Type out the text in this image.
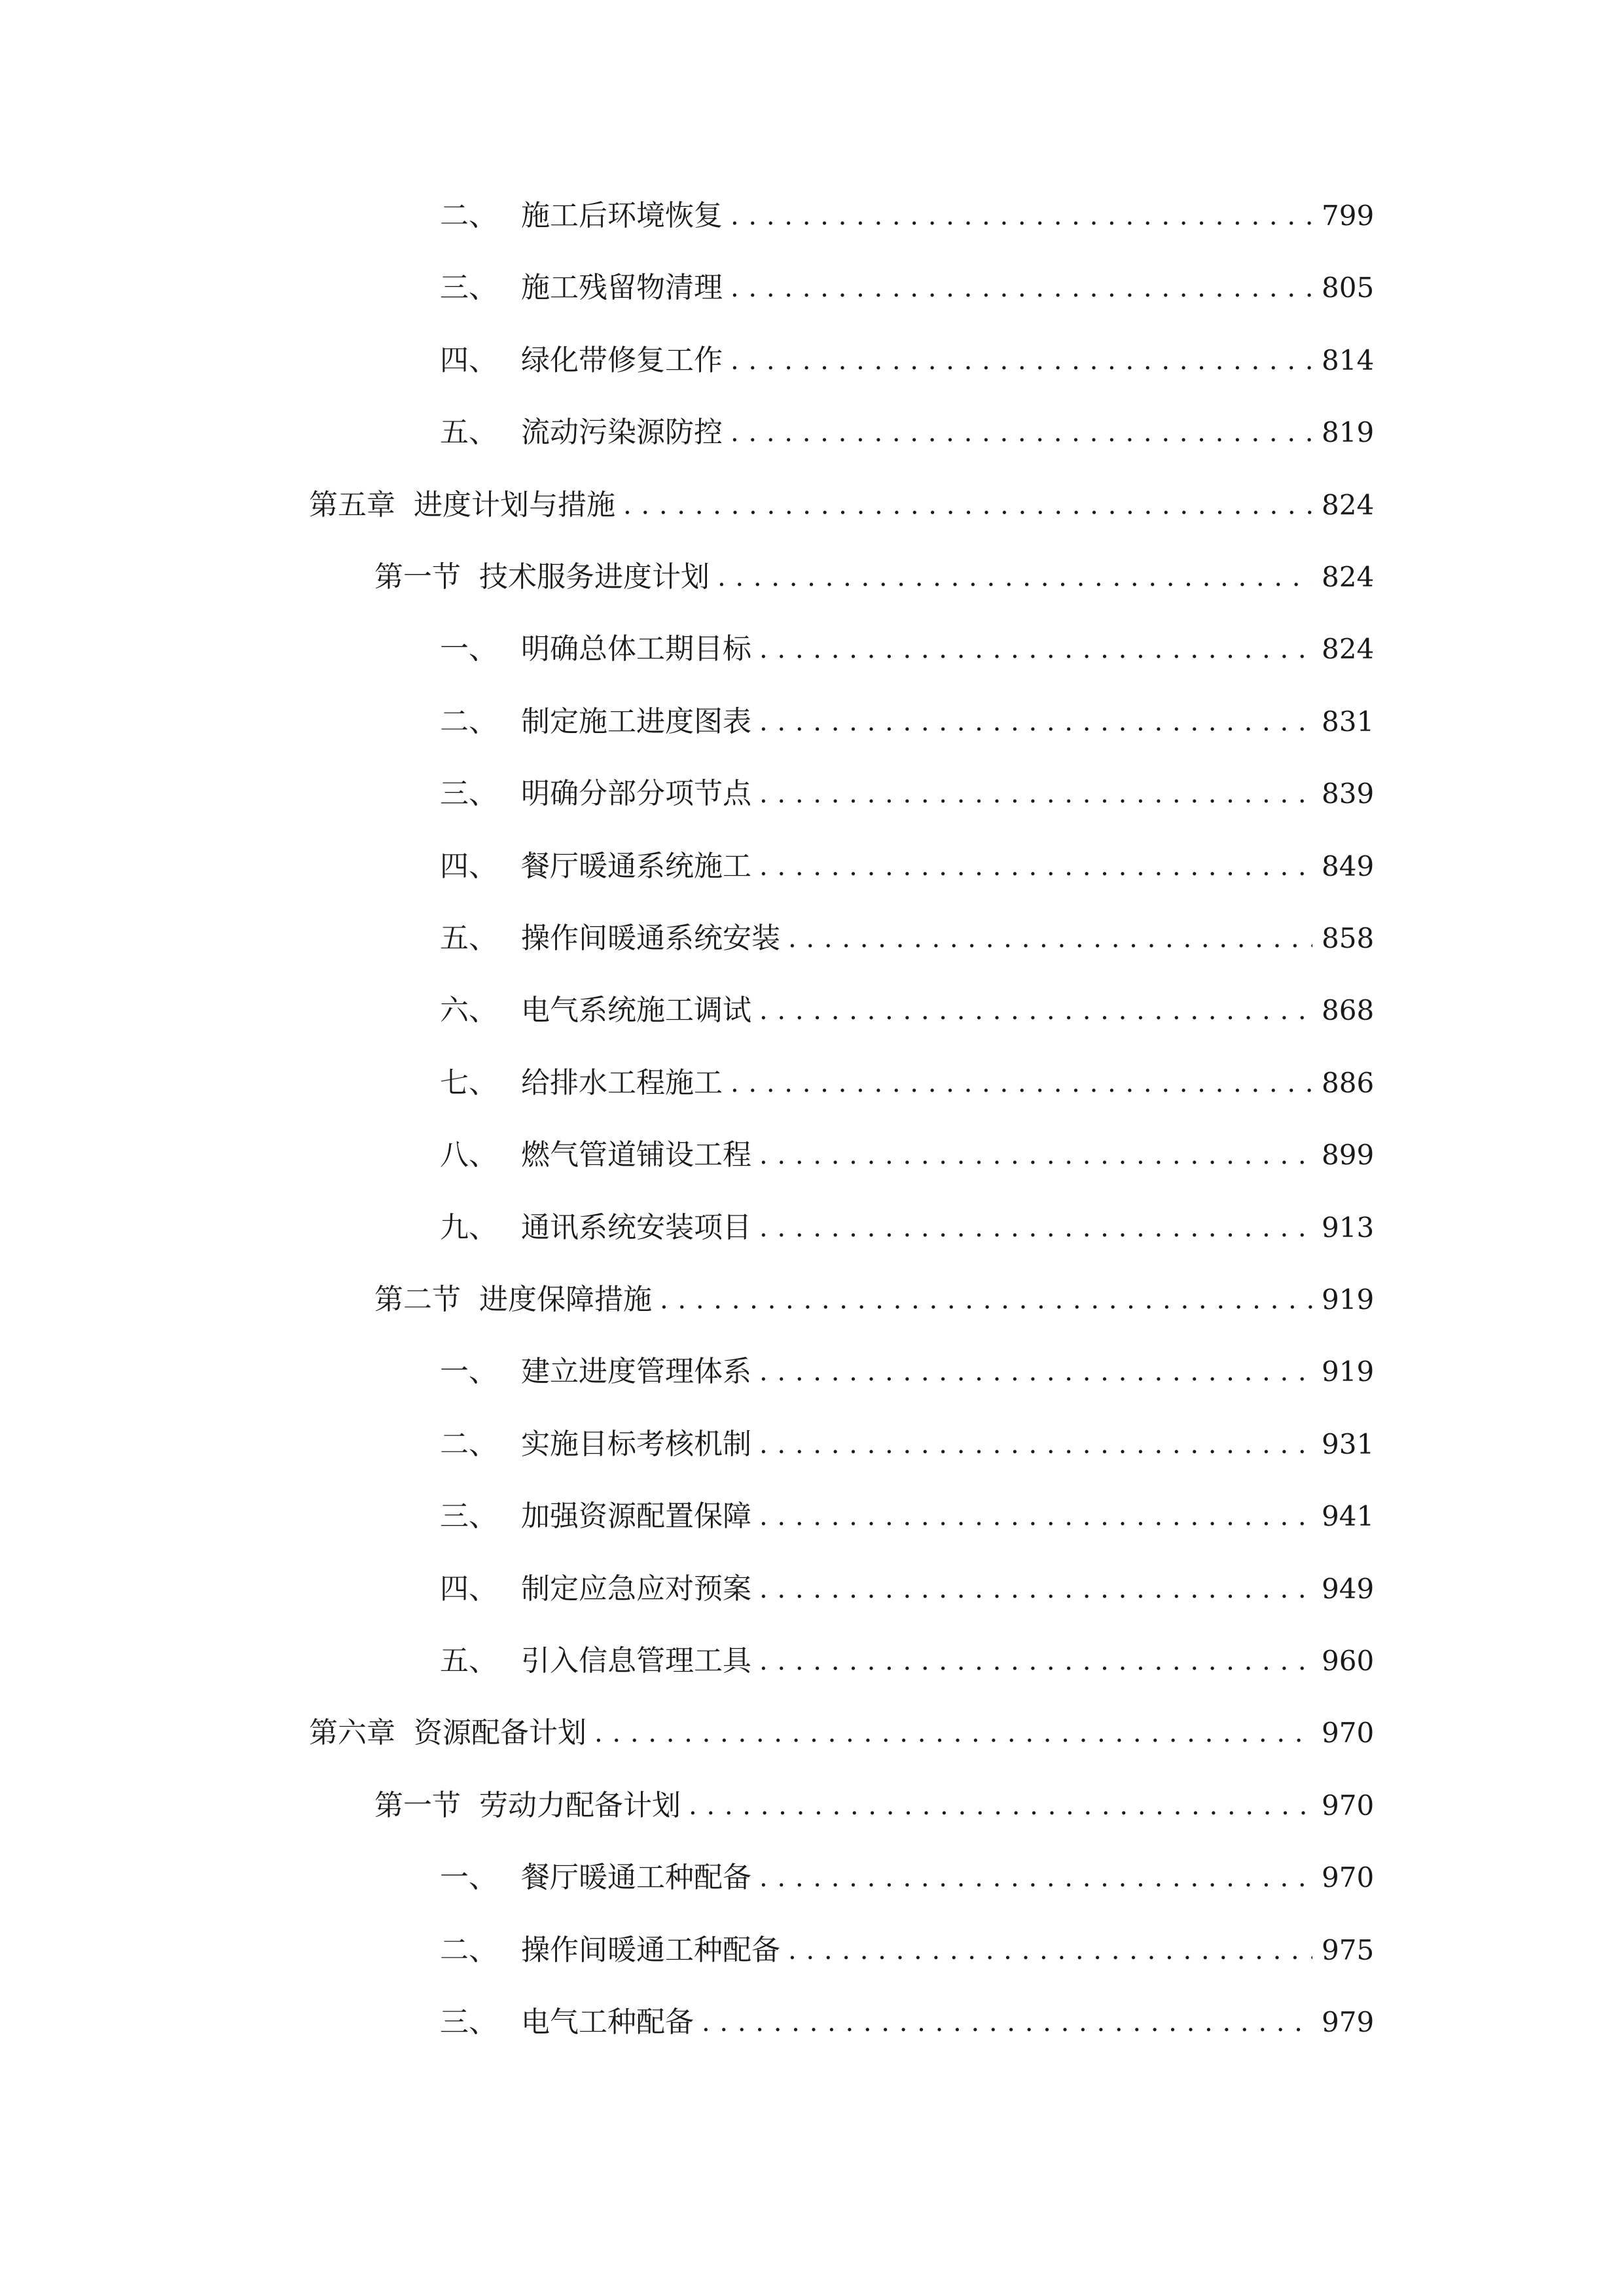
二、 施工后环境恢复 . . .	799
三、 施工残留物清理 . . .	805
四、 绿化带修复工作 . . .	814
五、 流动污染源防控 . . .	819
第五章 进度计划与措施 . . .	824
第一节 技术服务进度计划 . . .	824
一、 明确总体工期目标 . . .	824
二、 制定施工进度图表 . . .	831
三、 明确分部分项节点 . . .	839
四、 餐厅暖通系统施工 . . .	849
五、 操作间暖通系统安装 . . .	858
六、 电气系统施工调试 . . .	868
七、 给排水工程施工 . . .	886
八、 燃气管道铺设工程 . . .	899
九、 通讯系统安装项目 . . .	913
第二节 进度保障措施 . . .	919
一、 建立进度管理体系 . . .	919
二、 实施目标考核机制 . . .	931
三、 加强资源配置保障 . . .	941
四、 制定应急应对预案 . . .	949
五、 引入信息管理工具 . . .	960
第六章 资源配备计划 . . .	970
第一节 劳动力配备计划 . . .	970
一、 餐厅暖通工种配备 . . .	970
二、 操作间暖通工种配备 . . .	975
三、 电气工种配备 . . .	979
